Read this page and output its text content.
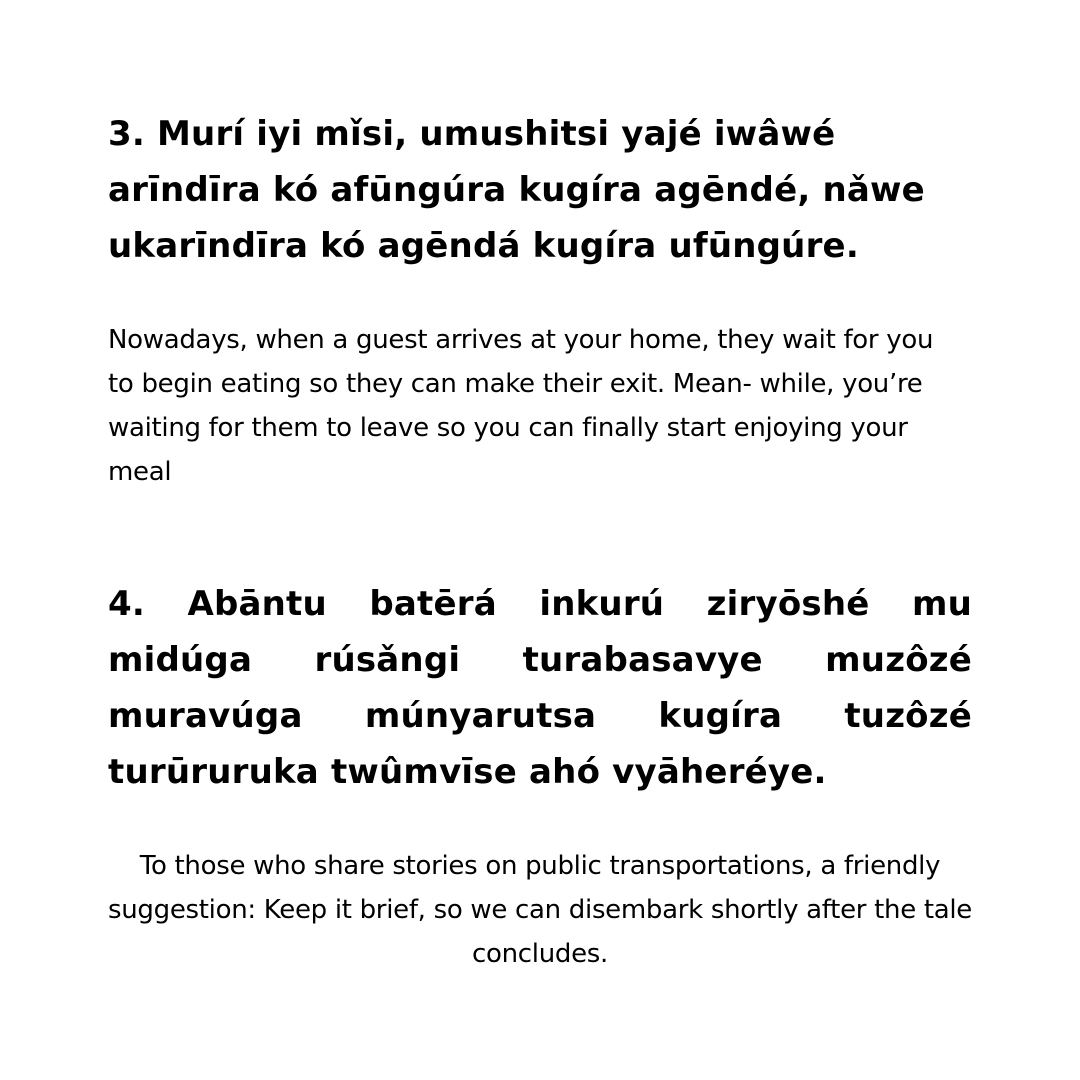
3. Murí iyi mǐsi, umushitsi yajé iwâwé arīndīra kó afūngúra kugíra agēndé, nǎwe ukarīndīra kó agēndá kugíra ufūngúre.

Nowadays, when a guest arrives at your home, they wait for you to begin eating so they can make their exit. Mean- while, you’re waiting for them to leave so you can finally start enjoying your meal

4. Abāntu batērá inkurú ziryōshé mu midúga rúsǎngi turabasavye muzôzé muravúga múnyarutsa kugíra tuzôzé turūruruka twûmvīse ahó vyāheréye.

To those who share stories on public transportations, a friendly suggestion: Keep it brief, so we can disembark shortly after the tale concludes.
